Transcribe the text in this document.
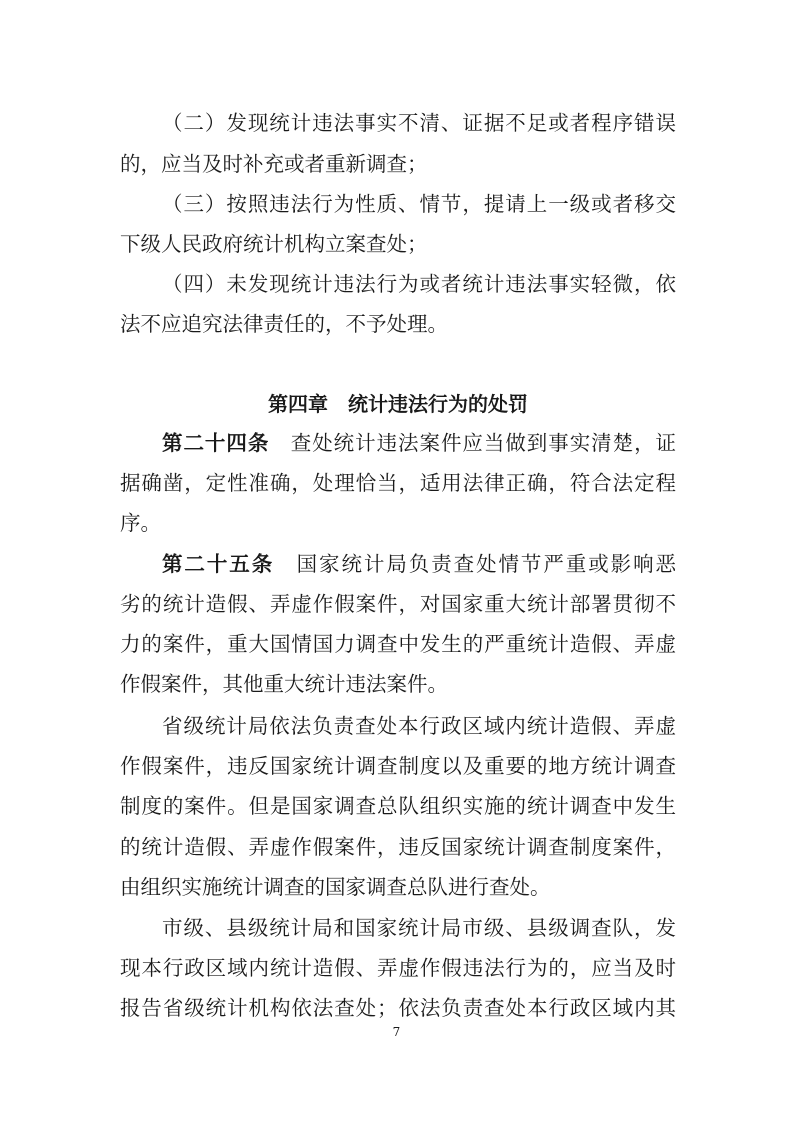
（二）发现统计违法事实不清、证据不足或者程序错误
的，应当及时补充或者重新调查；
（三）按照违法行为性质、情节，提请上一级或者移交
下级人民政府统计机构立案查处；
（四）未发现统计违法行为或者统计违法事实轻微，依
法不应追究法律责任的，不予处理。
第四章　统计违法行为的处罚
第二十四条　 查处统计违法案件应当做到事实清楚，证
据确凿，定性准确，处理恰当，适用法律正确，符合法定程
序。
第二十五条　 国家统计局负责查处情节严重或影响恶
劣的统计造假、弄虚作假案件，对国家重大统计部署贯彻不
力的案件，重大国情国力调查中发生的严重统计造假、弄虚
作假案件，其他重大统计违法案件。
省级统计局依法负责查处本行政区域内统计造假、弄虚
作假案件，违反国家统计调查制度以及重要的地方统计调查
制度的案件。但是国家调查总队组织实施的统计调查中发生
的统计造假、弄虚作假案件，违反国家统计调查制度案件，
由组织实施统计调查的国家调查总队进行查处。
市级、县级统计局和国家统计局市级、县级调查队，发
现本行政区域内统计造假、弄虚作假违法行为的，应当及时
报告省级统计机构依法查处；依法负责查处本行政区域内其
7
